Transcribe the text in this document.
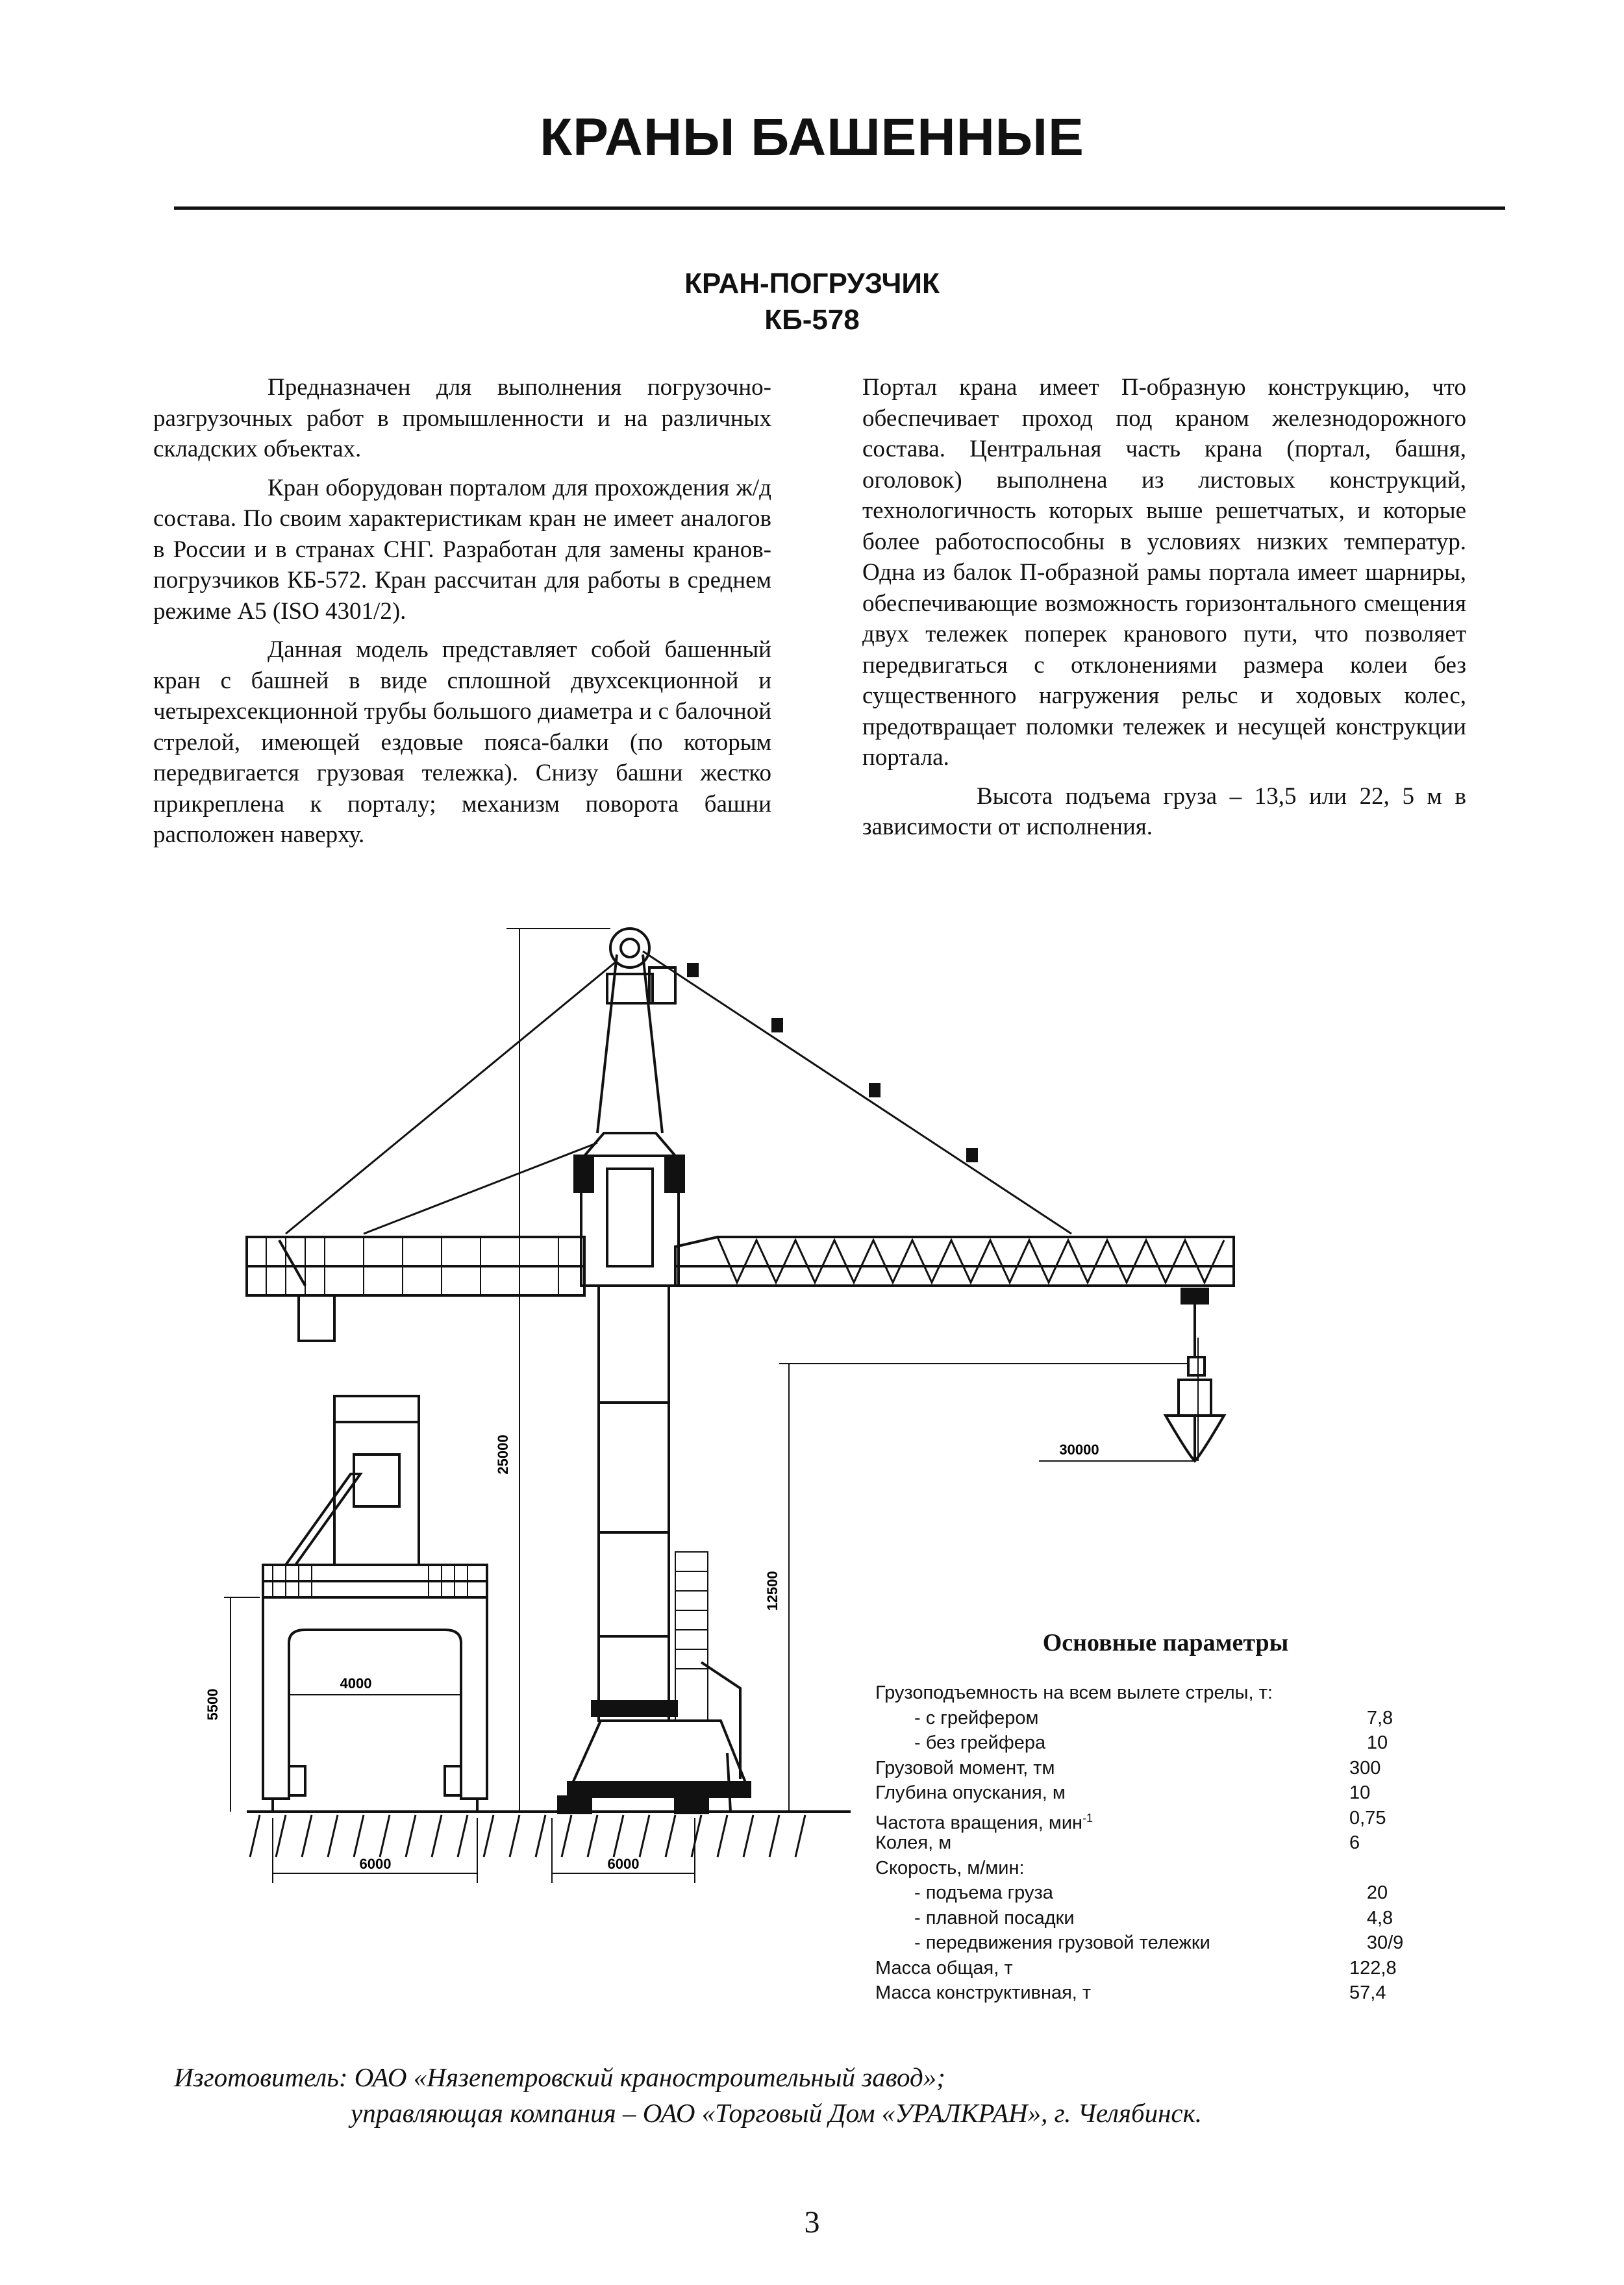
КРАНЫ БАШЕННЫЕ
КРАН-ПОГРУЗЧИК
КБ-578

Предназначен для выполнения погрузочно-разгрузочных работ в промышленности и на различных складских объектах.

Кран оборудован порталом для прохождения ж/д состава. По своим характеристикам кран не имеет аналогов в России и в странах СНГ. Разработан для замены кранов-погрузчиков КБ-572. Кран рассчитан для работы в среднем режиме А5 (ISO 4301/2).

Данная модель представляет собой башенный кран с башней в виде сплошной двухсекционной и четырехсекционной трубы большого диаметра и с балочной стрелой, имеющей ездовые пояса-балки (по которым передвигается грузовая тележка). Снизу башни жестко прикреплена к порталу; механизм поворота башни расположен наверху.

Портал крана имеет П-образную конструкцию, что обеспечивает проход под краном железнодорожного состава. Центральная часть крана (портал, башня, оголовок) выполнена из листовых конструкций, технологичность которых выше решетчатых, и которые более работоспособны в условиях низких температур. Одна из балок П-образной рамы портала имеет шарниры, обеспечивающие возможность горизонтального смещения двух тележек поперек кранового пути, что позволяет передвигаться с отклонениями размера колеи без существенного нагружения рельс и ходовых колес, предотвращает поломки тележек и несущей конструкции портала.

Высота подъема груза – 13,5 или 22, 5 м в зависимости от исполнения.

4000
6000	6000
30000
5500
25000
12500
Основные параметры
Грузоподъемность на всем вылете стрелы, т:
- с грейфером	7,8
- без грейфера	10
Грузовой момент, тм	300
Глубина опускания, м	10
Частота вращения, мин$^{-1}$	0,75
Колея, м	6
Скорость, м/мин:
- подъема груза	20
- плавной посадки	4,8
- передвижения грузовой тележки	30/9
Масса общая, т	122,8
Масса конструктивная, т	57,4
Изготовитель: ОАО «Нязепетровский краностроительный завод»;
управляющая компания – ОАО «Торговый Дом «УРАЛКРАН», г. Челябинск.
3
